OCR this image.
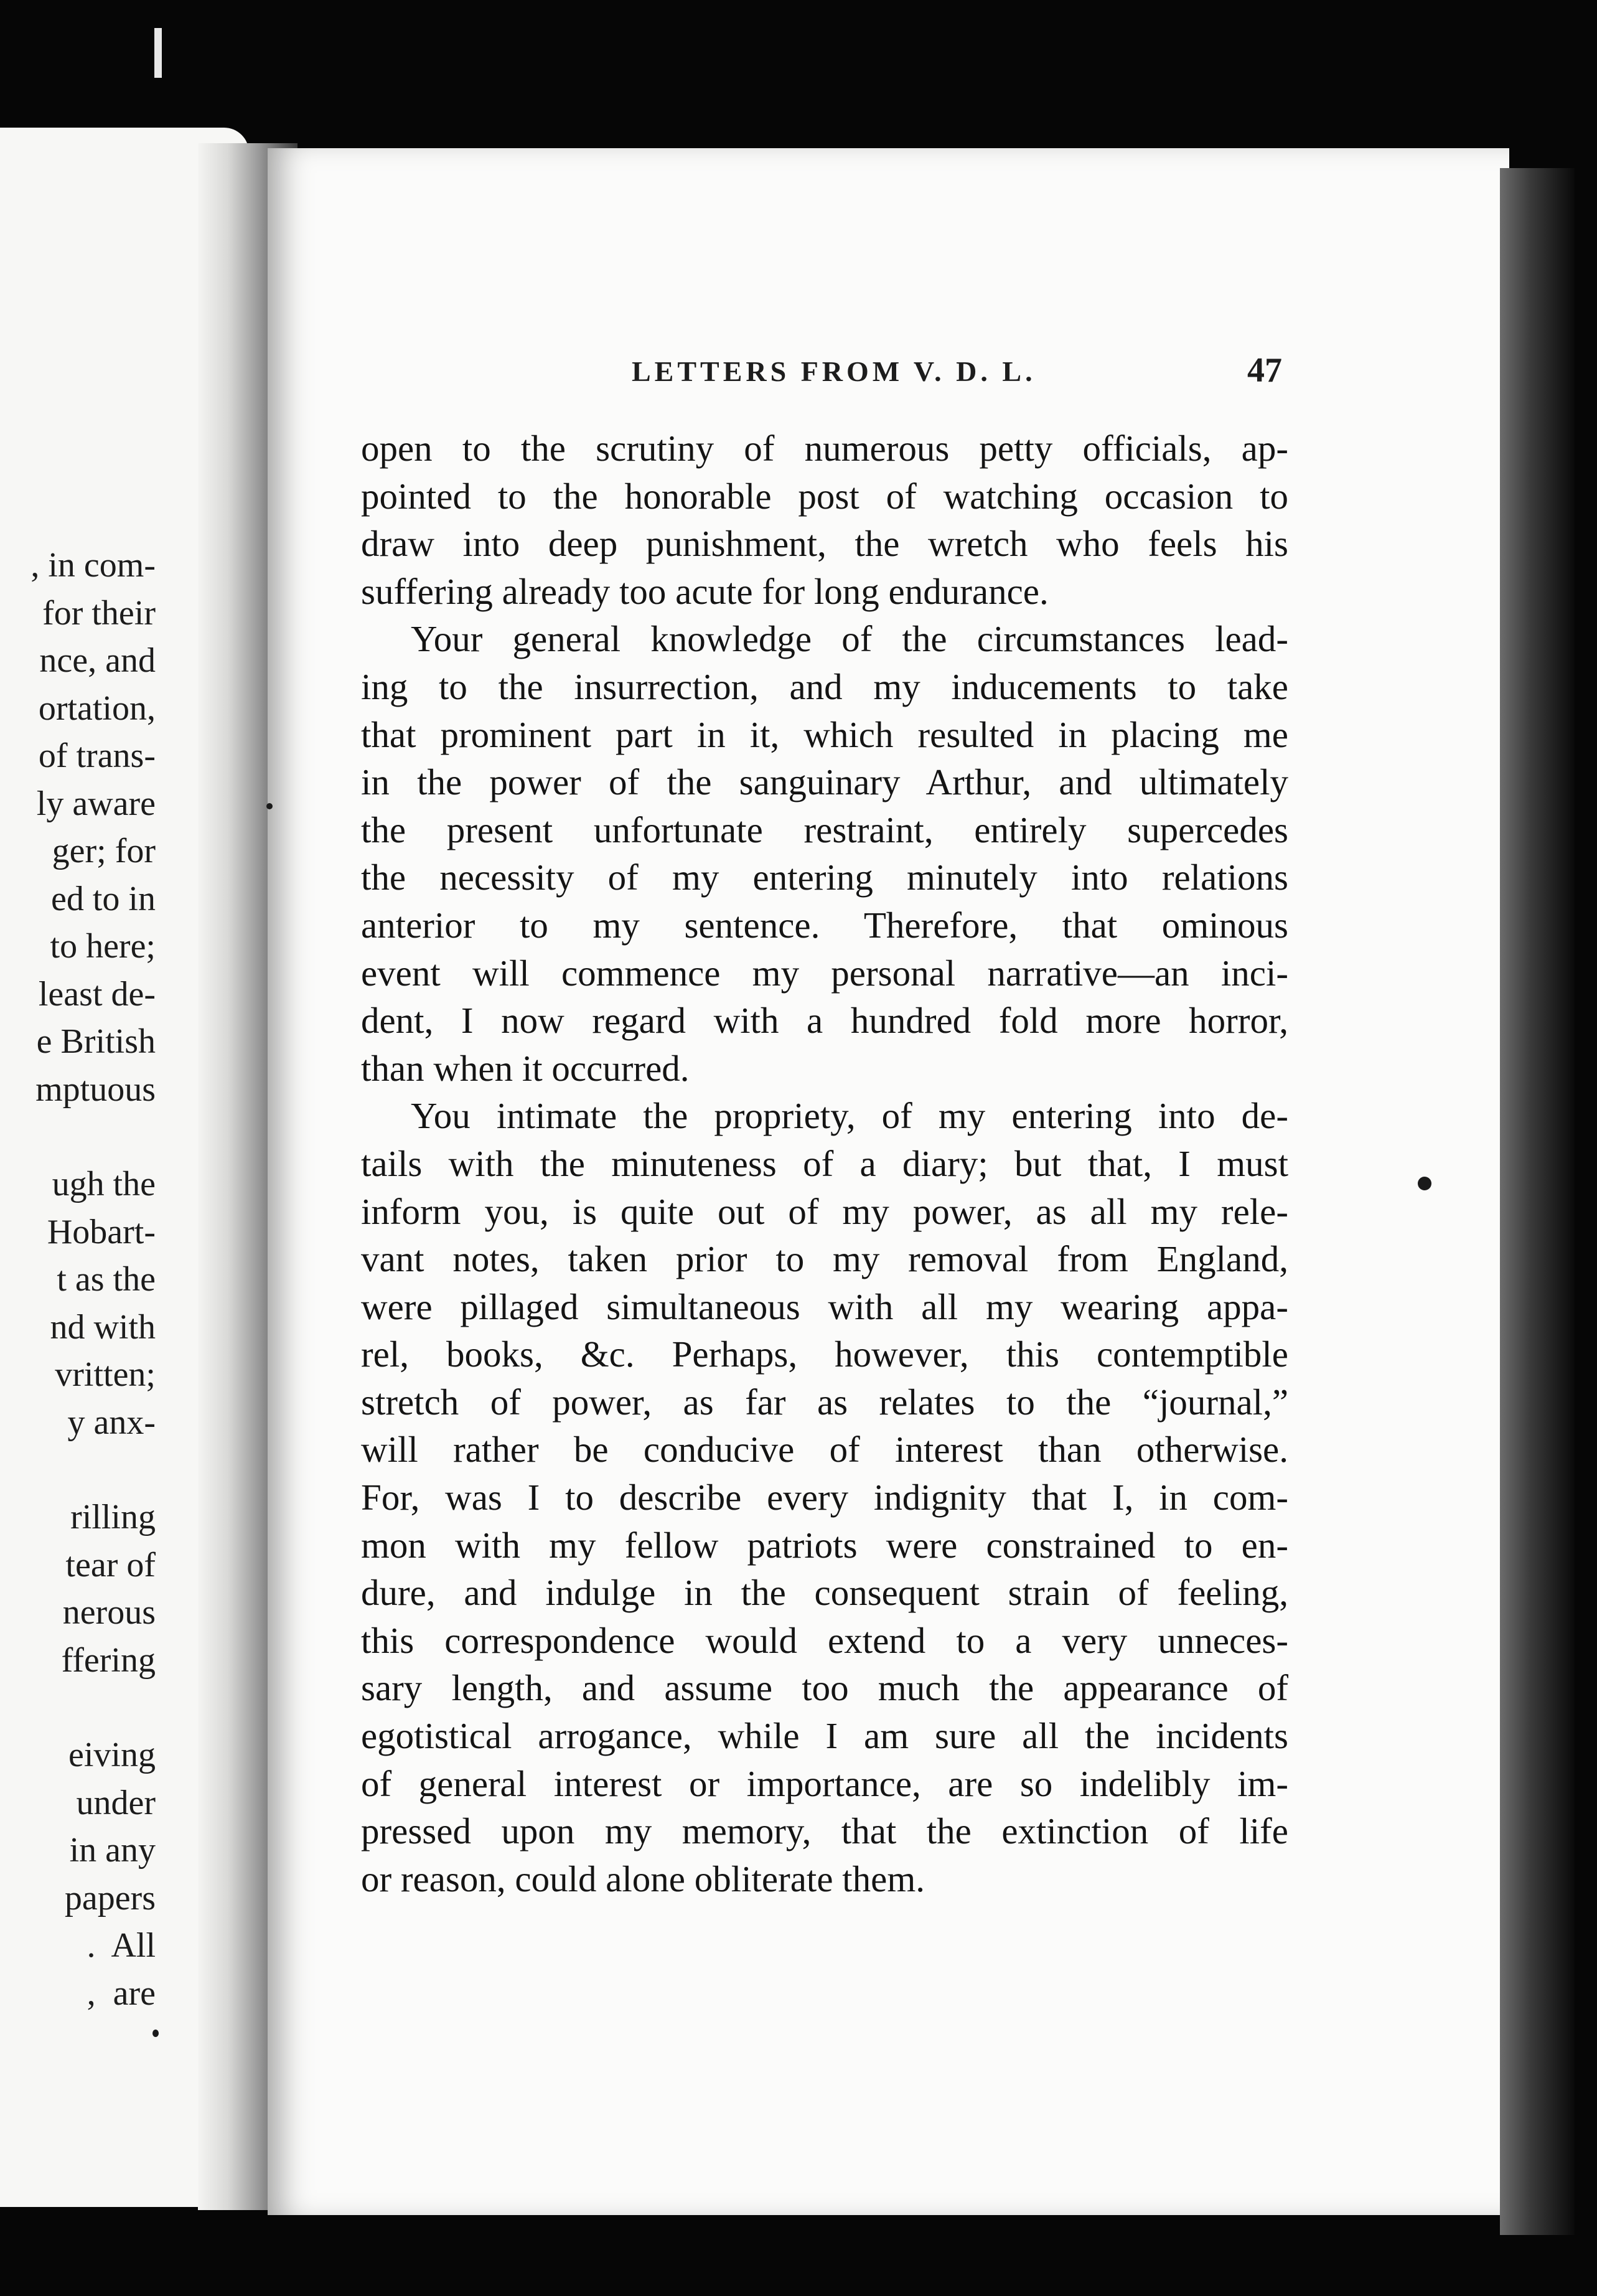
, in com-
for their
nce, and
ortation,
of trans-
ly aware
ger; for
ed to in
to here;
least de-
e British
mptuous
ugh the
Hobart-
t as the
nd with
vritten;
y anx-
rilling
tear of
nerous
ffering
eiving
under
in any
papers
.  All
,  are
LETTERS FROM V. D. L.	47
open to the scrutiny of numerous petty officials, ap-
pointed to the honorable post of watching occasion to
draw into deep punishment, the wretch who feels his
suffering already too acute for long endurance.
Your general knowledge of the circumstances lead-
ing to the insurrection, and my inducements to take
that prominent part in it, which resulted in placing me
in the power of the sanguinary Arthur, and ultimately
the present unfortunate restraint, entirely supercedes
the necessity of my entering minutely into relations
anterior to my sentence. Therefore, that ominous
event will commence my personal narrative—an inci-
dent, I now regard with a hundred fold more horror,
than when it occurred.
You intimate the propriety, of my entering into de-
tails with the minuteness of a diary; but that, I must
inform you, is quite out of my power, as all my rele-
vant notes, taken prior to my removal from England,
were pillaged simultaneous with all my wearing appa-
rel, books, &c. Perhaps, however, this contemptible
stretch of power, as far as relates to the “journal,”
will rather be conducive of interest than otherwise.
For, was I to describe every indignity that I, in com-
mon with my fellow patriots were constrained to en-
dure, and indulge in the consequent strain of feeling,
this correspondence would extend to a very unneces-
sary length, and assume too much the appearance of
egotistical arrogance, while I am sure all the incidents
of general interest or importance, are so indelibly im-
pressed upon my memory, that the extinction of life
or reason, could alone obliterate them.
